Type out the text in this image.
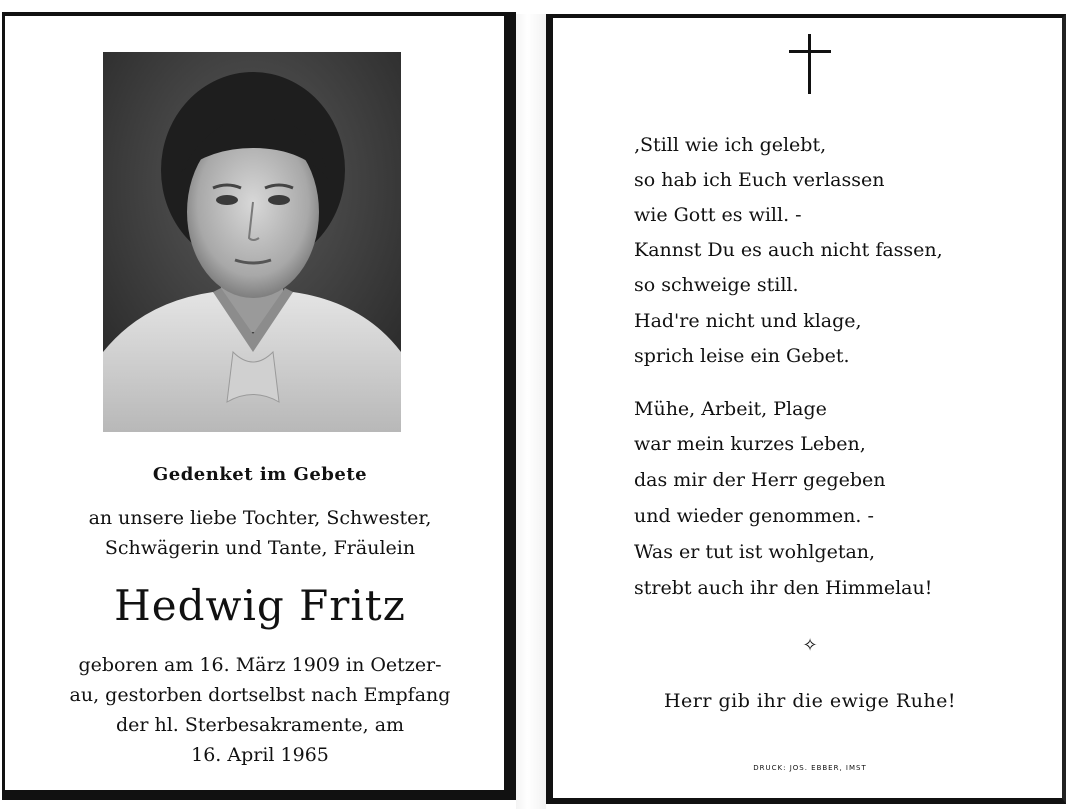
Gedenket im Gebete
an unsere liebe Tochter, Schwester,
Schwägerin und Tante, Fräulein
Hedwig Fritz
geboren am 16. März 1909 in Oetzer-
au, gestorben dortselbst nach Empfang
der hl. Sterbesakramente, am
16. April 1965
‚Still wie ich gelebt,
so hab ich Euch verlassen
wie Gott es will. -
Kannst Du es auch nicht fassen,
so schweige still.
Had're nicht und klage,
sprich leise ein Gebet.
Mühe, Arbeit, Plage
war mein kurzes Leben,
das mir der Herr gegeben
und wieder genommen. -
Was er tut ist wohlgetan,
strebt auch ihr den Himmelau!
✧
Herr gib ihr die ewige Ruhe!
DRUCK: JOS. EBBER, IMST
